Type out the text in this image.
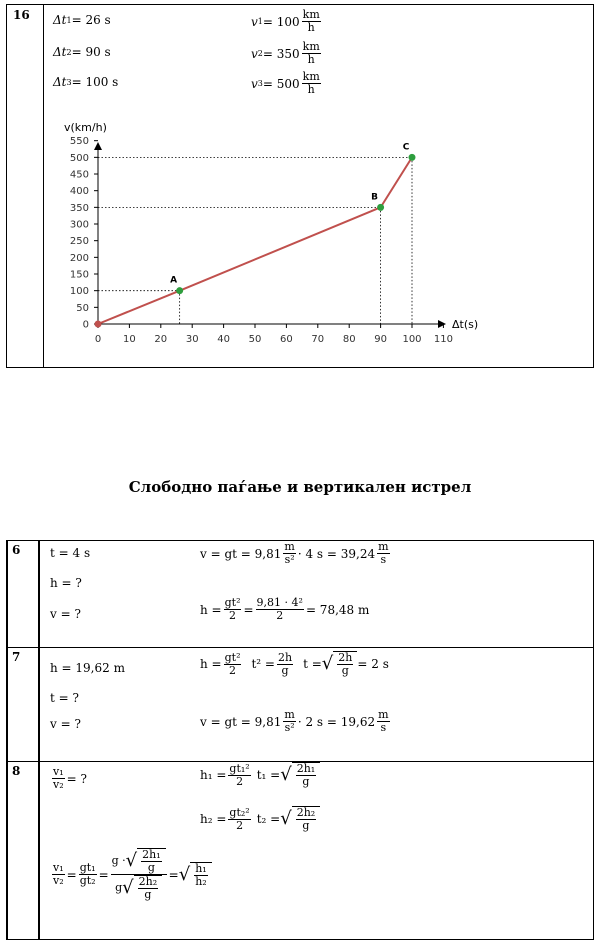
16 Δt 1 = 26 s
Δt 2 = 90 s
Δt 3 = 100 s
v 1 = 100
km
h
v 2 = 350
km
h
v 3 = 500
km
h
0 10 20 30 40 50 60 70 80 90 100 110
0
50
100
150
200
250
300
350
400
450
500
550
v(km/h)
Δt(s)
A
B
C
Слободно паѓање и вертикален истрел
6 t = 4 s
h = ?
v = ?
v = gt = 9,81
m
s² · 4 s = 39,24
m
s
$h = \frac{\text{gt²}}{2} = \frac{\text{9,81 · 4²}}{2} = 78,48$ m
7
h = 19,62 m
t = ?
v = ?
$h = \frac{\text{gt²}}{2} t^2 = \frac{2h}{g}$ t = √ $\frac{2h}{g} = 2$ s
v = gt = 9,81
m
s² · 2 s = 19,62
m
s
8	$\frac{\text{v₁}}{\text{v₂}}$ = ?	$h_1 = \frac{\text{gt₁²}}{2} t_1$ = √ $\frac{\text{2h₁}}{g}$
$h_2 = \frac{\text{gt₂²}}{2} t_2$ = √ $\frac{\text{2h₂}}{g}$
$\frac{\text{v₁}}{\text{v₂}} = \frac{\text{gt₁}}{\text{gt₂}} = \frac{g \cdot √ \frac{\text{2h₁}}{g}}{g √ \frac{\text{2h₂}}{g}}$ = √ $\frac{\text{h₁}}{\text{h₂}}$
